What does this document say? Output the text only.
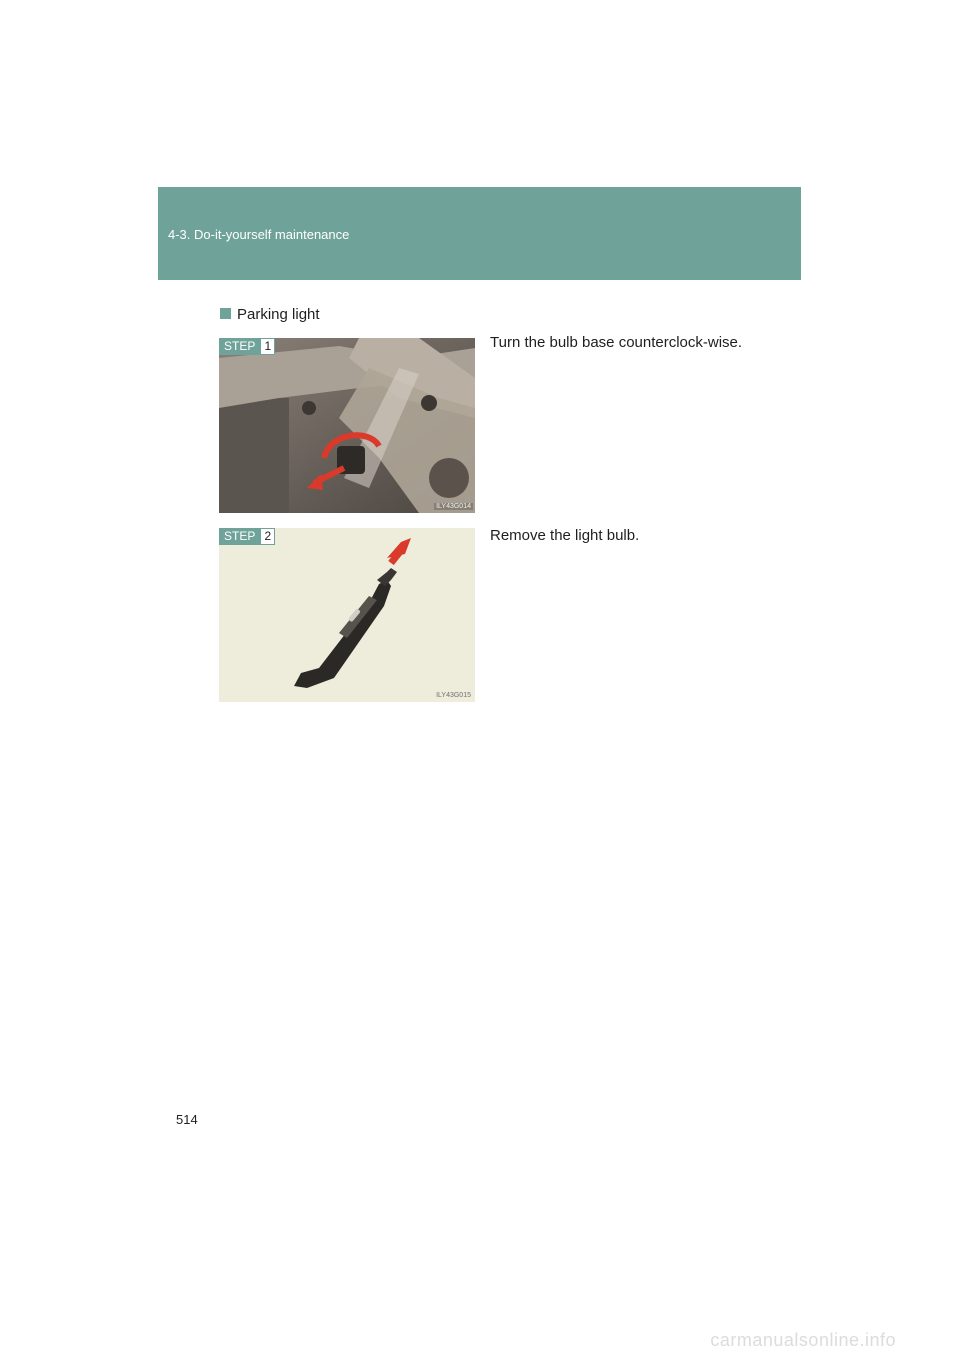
4-3. Do-it-yourself maintenance
Parking light
STEP 1
ILY43G014
Turn the bulb base counterclock-wise.
STEP 2
ILY43G015
Remove the light bulb.
514
carmanualsonline.info
